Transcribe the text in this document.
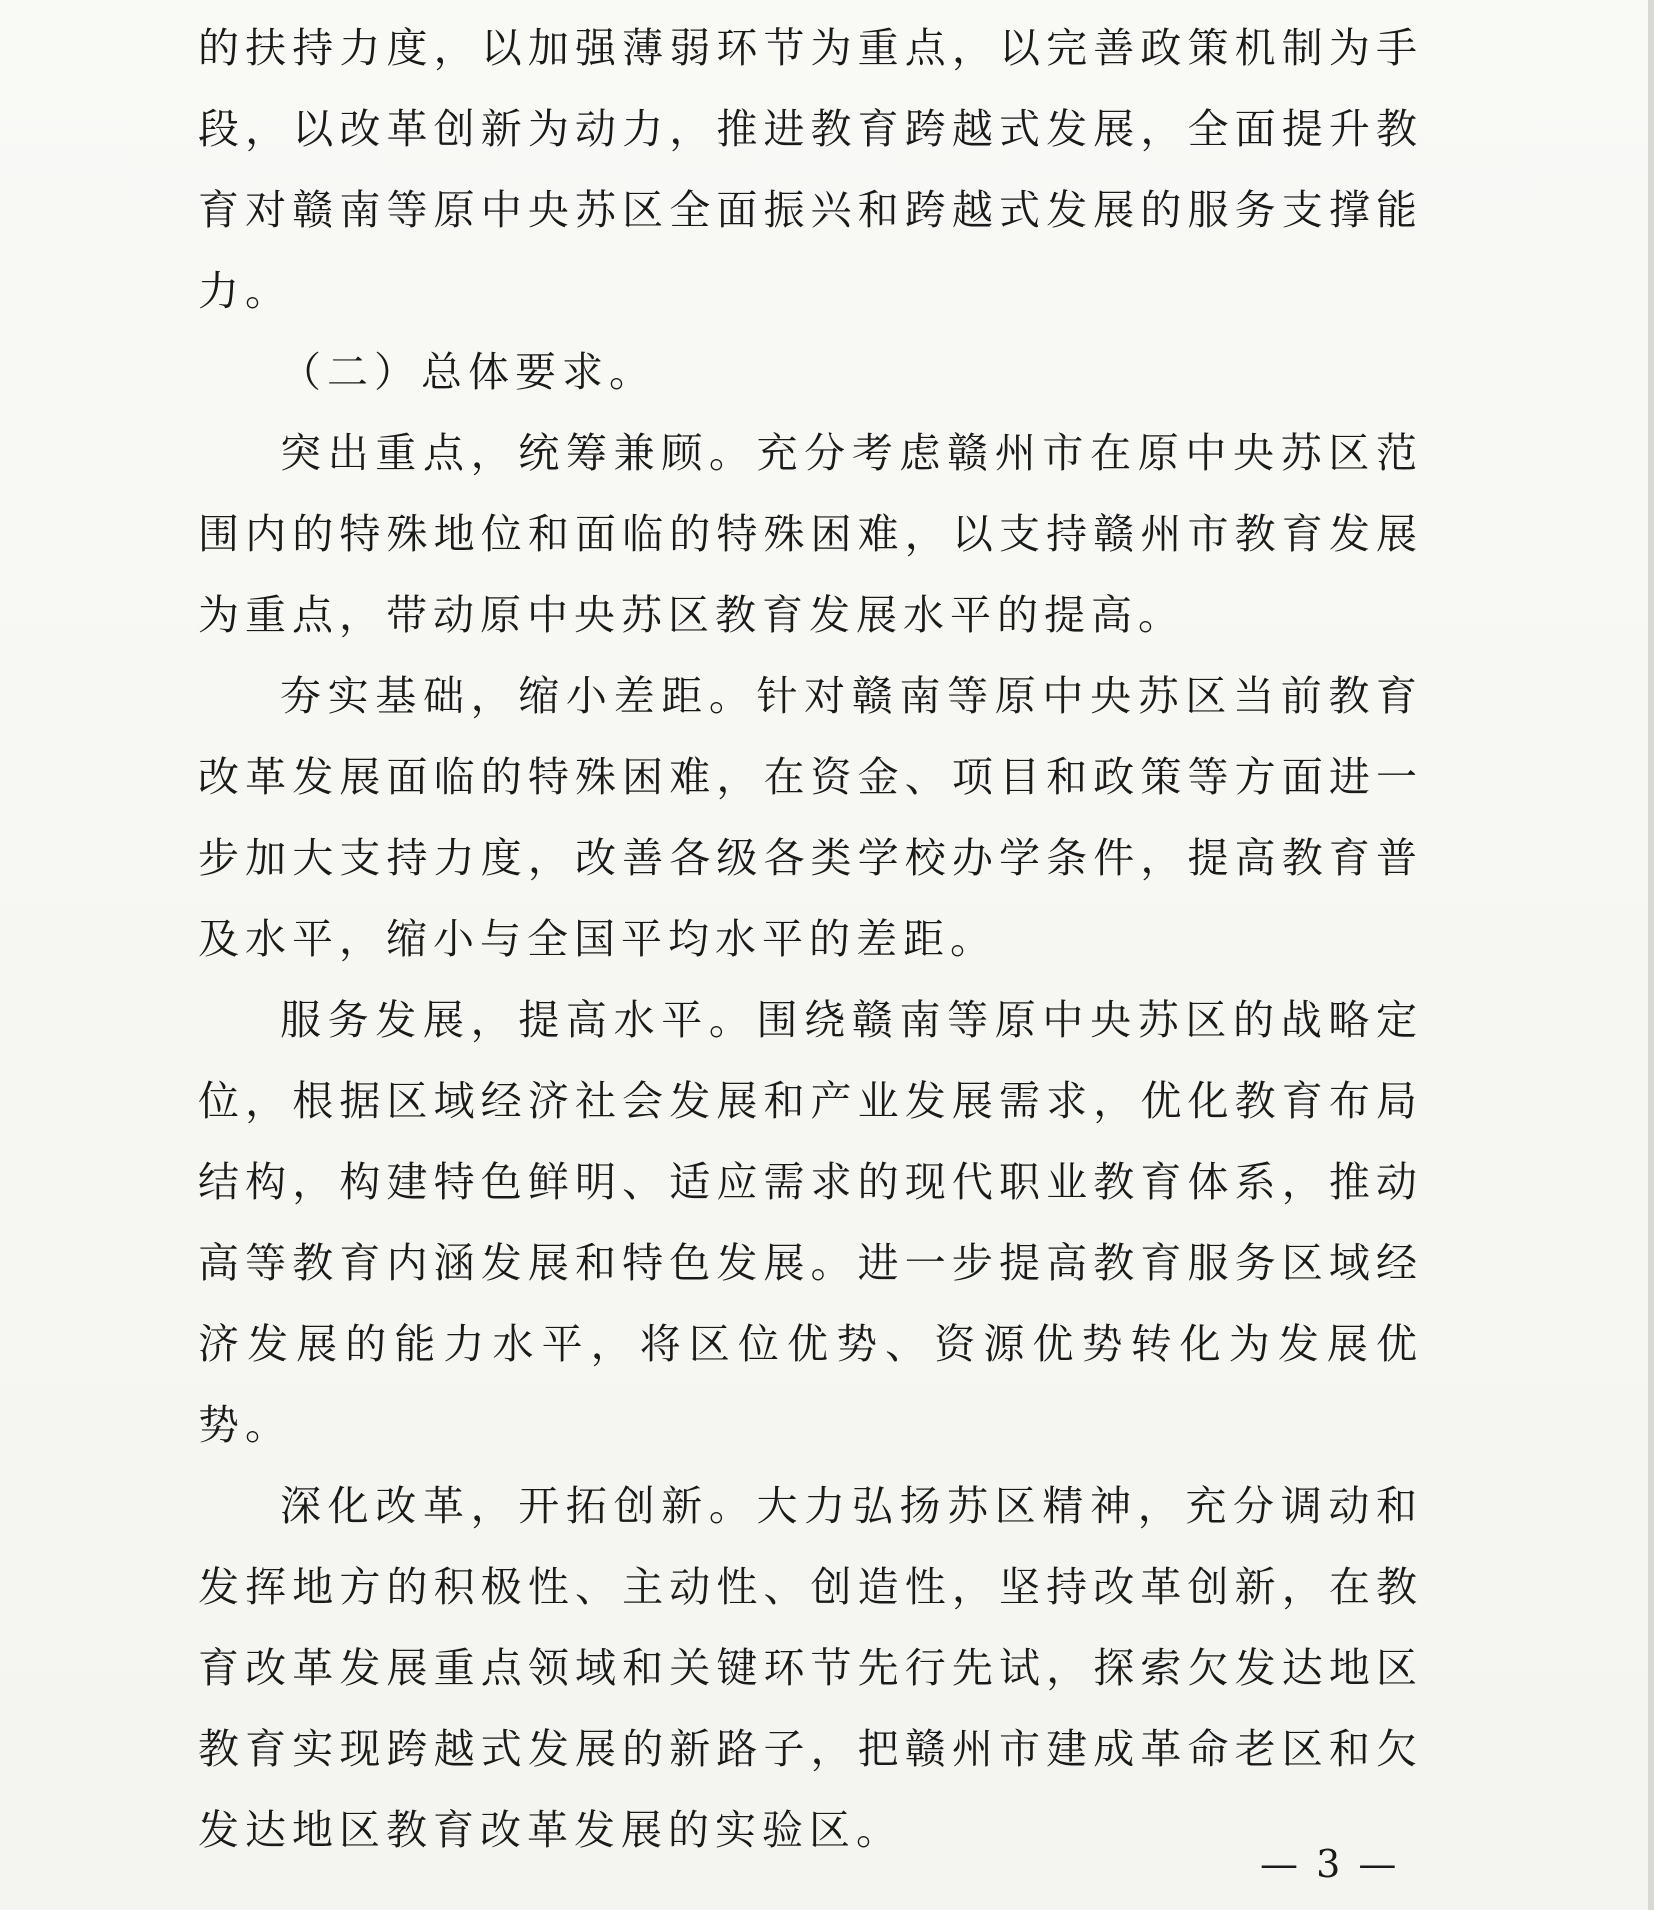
的扶持力度，以加强薄弱环节为重点，以完善政策机制为手段，以改革创新为动力，推进教育跨越式发展，全面提升教育对赣南等原中央苏区全面振兴和跨越式发展的服务支撑能力。

（二）总体要求。

突出重点，统筹兼顾。充分考虑赣州市在原中央苏区范围内的特殊地位和面临的特殊困难，以支持赣州市教育发展为重点，带动原中央苏区教育发展水平的提高。

夯实基础，缩小差距。针对赣南等原中央苏区当前教育改革发展面临的特殊困难，在资金、项目和政策等方面进一步加大支持力度，改善各级各类学校办学条件，提高教育普及水平，缩小与全国平均水平的差距。

服务发展，提高水平。围绕赣南等原中央苏区的战略定位，根据区域经济社会发展和产业发展需求，优化教育布局结构，构建特色鲜明、适应需求的现代职业教育体系，推动高等教育内涵发展和特色发展。进一步提高教育服务区域经济发展的能力水平，将区位优势、资源优势转化为发展优势。

深化改革，开拓创新。大力弘扬苏区精神，充分调动和发挥地方的积极性、主动性、创造性，坚持改革创新，在教育改革发展重点领域和关键环节先行先试，探索欠发达地区教育实现跨越式发展的新路子，把赣州市建成革命老区和欠发达地区教育改革发展的实验区。

— 3 —
